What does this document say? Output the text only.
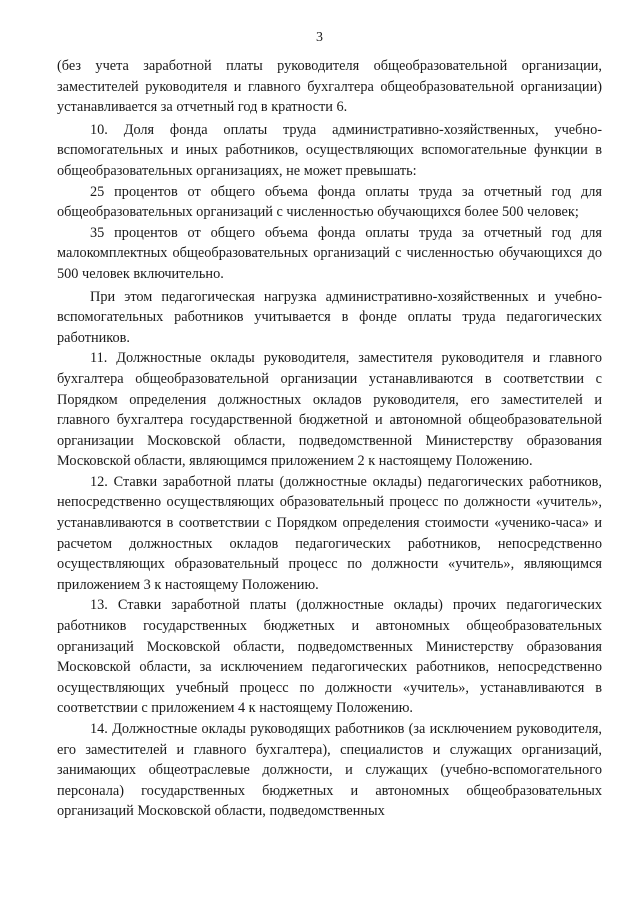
3

(без учета заработной платы руководителя общеобразовательной организации, заместителей руководителя и главного бухгалтера общеобразовательной организации) устанавливается за отчетный год в кратности 6.

10. Доля фонда оплаты труда административно-хозяйственных, учебно-вспомогательных и иных работников, осуществляющих вспомогательные функции в общеобразовательных организациях, не может превышать:

25 процентов от общего объема фонда оплаты труда за отчетный год для общеобразовательных организаций с численностью обучающихся более 500 человек;

35 процентов от общего объема фонда оплаты труда за отчетный год для малокомплектных общеобразовательных организаций с численностью обучающихся до 500 человек включительно.

При этом педагогическая нагрузка административно-хозяйственных и учебно-вспомогательных работников учитывается в фонде оплаты труда педагогических работников.

11. Должностные оклады руководителя, заместителя руководителя и главного бухгалтера общеобразовательной организации устанавливаются в соответствии с Порядком определения должностных окладов руководителя, его заместителей и главного бухгалтера государственной бюджетной и автономной общеобразовательной организации Московской области, подведомственной Министерству образования Московской области, являющимся приложением 2 к настоящему Положению.

12. Ставки заработной платы (должностные оклады) педагогических работников, непосредственно осуществляющих образовательный процесс по должности «учитель», устанавливаются в соответствии с Порядком определения стоимости «ученико-часа» и расчетом должностных окладов педагогических работников, непосредственно осуществляющих образовательный процесс по должности «учитель», являющимся приложением 3 к настоящему Положению.

13. Ставки заработной платы (должностные оклады) прочих педагогических работников государственных бюджетных и автономных общеобразовательных организаций Московской области, подведомственных Министерству образования Московской области, за исключением педагогических работников, непосредственно осуществляющих учебный процесс по должности «учитель», устанавливаются в соответствии с приложением 4 к настоящему Положению.

14. Должностные оклады руководящих работников (за исключением руководителя, его заместителей и главного бухгалтера), специалистов и служащих организаций, занимающих общеотраслевые должности, и служащих (учебно-вспомогательного персонала) государственных бюджетных и автономных общеобразовательных организаций Московской области, подведомственных
